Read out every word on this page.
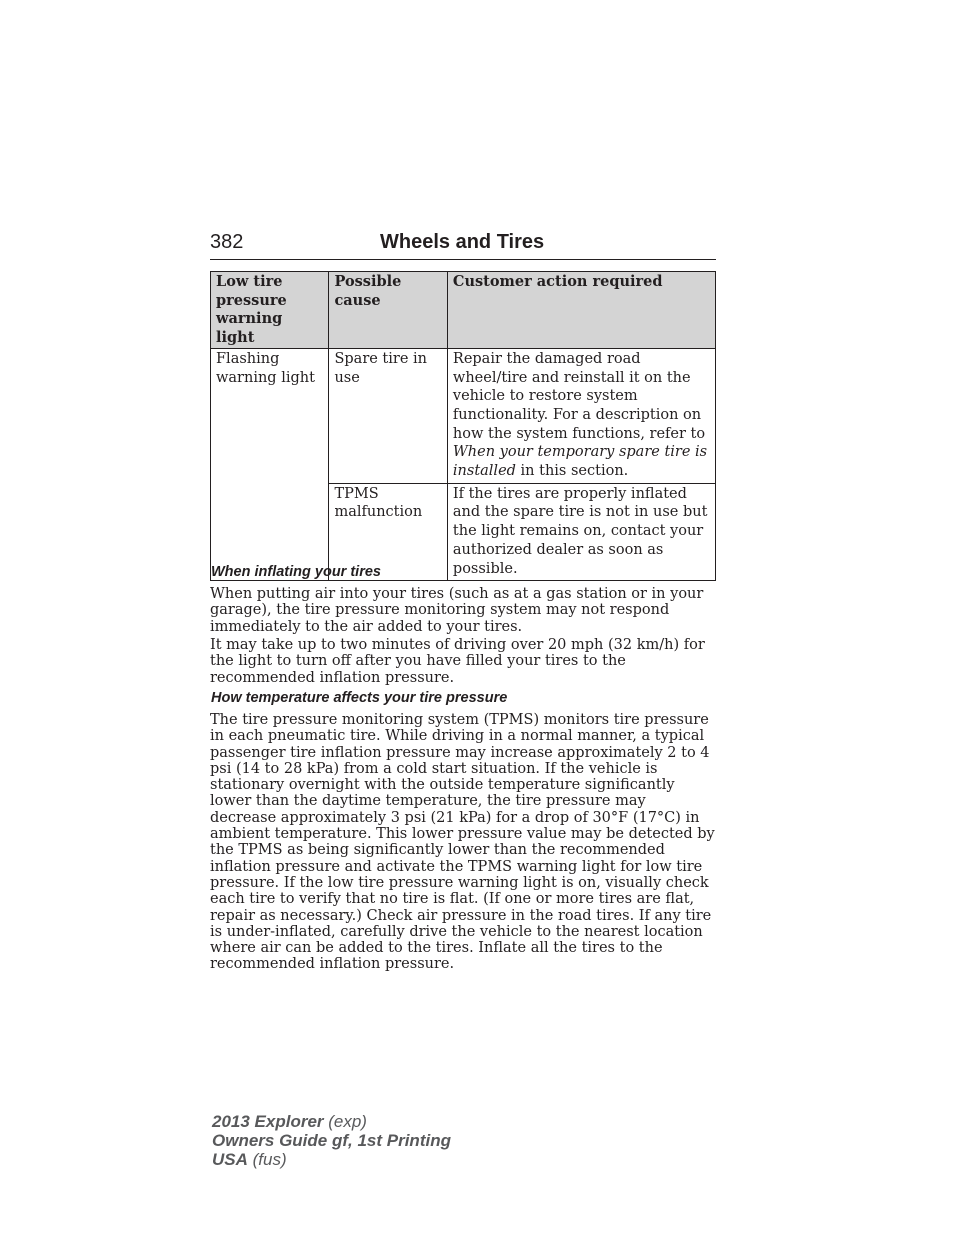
382	Wheels and Tires
Low tire pressure warning light	Possible cause	Customer action required
Flashing warning light	Spare tire in use	Repair the damaged road wheel/tire and reinstall it on the vehicle to restore system functionality. For a description on how the system functions, refer to When your temporary spare tire is installed in this section.
	TPMS malfunction	If the tires are properly inflated and the spare tire is not in use but the light remains on, contact your authorized dealer as soon as possible.
When inflating your tires

When putting air into your tires (such as at a gas station or in your garage), the tire pressure monitoring system may not respond immediately to the air added to your tires.

It may take up to two minutes of driving over 20 mph (32 km/h) for the light to turn off after you have filled your tires to the recommended inflation pressure.

How temperature affects your tire pressure

The tire pressure monitoring system (TPMS) monitors tire pressure in each pneumatic tire. While driving in a normal manner, a typical passenger tire inflation pressure may increase approximately 2 to 4 psi (14 to 28 kPa) from a cold start situation. If the vehicle is stationary overnight with the outside temperature significantly lower than the daytime temperature, the tire pressure may decrease approximately 3 psi (21 kPa) for a drop of 30°F (17°C) in ambient temperature. This lower pressure value may be detected by the TPMS as being significantly lower than the recommended inflation pressure and activate the TPMS warning light for low tire pressure. If the low tire pressure warning light is on, visually check each tire to verify that no tire is flat. (If one or more tires are flat, repair as necessary.) Check air pressure in the road tires. If any tire is under-inflated, carefully drive the vehicle to the nearest location where air can be added to the tires. Inflate all the tires to the recommended inflation pressure.

2013 Explorer (exp)
Owners Guide gf, 1st Printing
USA (fus)
